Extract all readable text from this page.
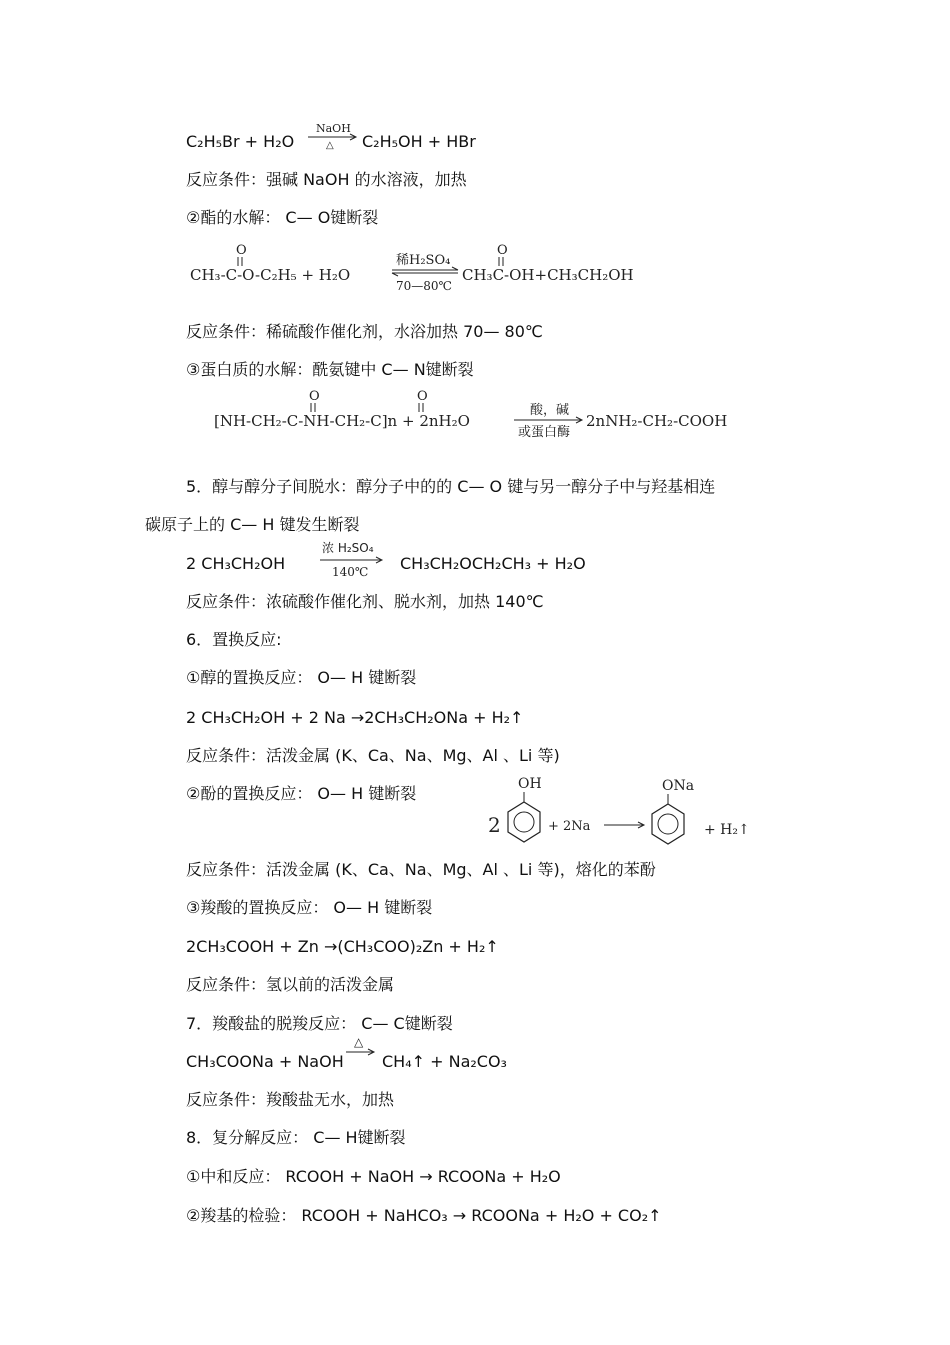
C₂H₅Br + H₂O
NaOH
△ C₂H₅OH + HBr
反应条件：强碱 NaOH 的水溶液，加热
②酯的水解： C— O键断裂
O
CH₃-C-O-C₂H₅ + H₂O
稀H₂SO₄
70—80℃
O
CH₃C-OH+CH₃CH₂OH
反应条件：稀硫酸作催化剂，水浴加热 70— 80℃
③蛋白质的水解：酰氨键中 C— N键断裂
O	O
[NH-CH₂-C-NH-CH₂-C]n + 2nH₂O
酸，碱
或蛋白酶
2nNH₂-CH₂-COOH
5．醇与醇分子间脱水：醇分子中的的 C— O 键与另一醇分子中与羟基相连
碳原子上的 C— H 键发生断裂
2 CH₃CH₂OH
浓 H₂SO₄
140℃ CH₃CH₂OCH₂CH₃ + H₂O
反应条件：浓硫酸作催化剂、脱水剂，加热 140℃
6．置换反应:
①醇的置换反应： O— H 键断裂
2 CH₃CH₂OH + 2 Na →2CH₃CH₂ONa + H₂↑
反应条件：活泼金属 (K、Ca、Na、Mg、Al 、Li 等)
②酚的置换反应： O— H 键断裂
2
OH
+ 2Na
ONa
+ H₂↑
反应条件：活泼金属 (K、Ca、Na、Mg、Al 、Li 等)，熔化的苯酚
③羧酸的置换反应： O— H 键断裂
2CH₃COOH + Zn →(CH₃COO)₂Zn + H₂↑
反应条件：氢以前的活泼金属
7．羧酸盐的脱羧反应： C— C键断裂
CH₃COONa + NaOH
△
CH₄↑ + Na₂CO₃
反应条件：羧酸盐无水，加热
8．复分解反应： C— H键断裂
①中和反应： RCOOH + NaOH → RCOONa + H₂O
②羧基的检验： RCOOH + NaHCO₃ → RCOONa + H₂O + CO₂↑
